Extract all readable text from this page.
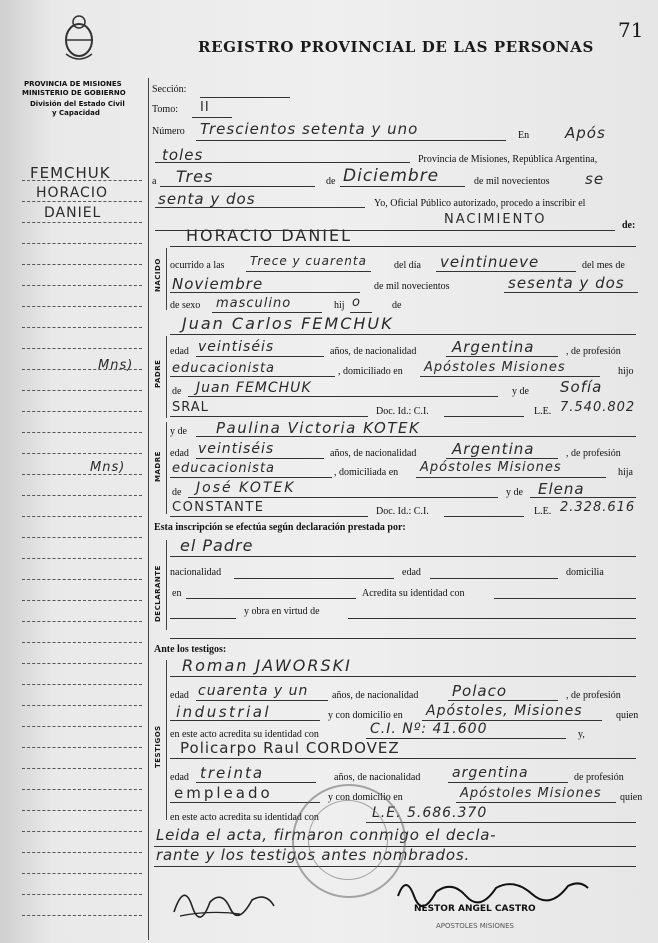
REGISTRO PROVINCIAL DE LAS PERSONAS
71
PROVINCIA DE MISIONES
MINISTERIO DE GOBIERNO
División del Estado Civil
y Capacidad
FEMCHUK
HORACIO
DANIEL
Mns)
Mns)
Sección:
Tomo: II
Número Trescientos setenta y uno	En Após
toles	Provincia de Misiones, República Argentina,
a Tres	de Diciembre	de mil novecientos se
senta y dos	Yo, Oficial Público autorizado, procedo a inscribir el
NACIMIENTO	de:
NACIDO
HORACIO DANIEL
ocurrido a las Trece y cuarenta	del día veintinueve	del mes de
Noviembre	de mil novecientos	sesenta y dos
de sexo masculino	hij o	de
PADRE
Juan Carlos FEMCHUK
edad veintiséis	años, de nacionalidad Argentina	, de profesión
educacionista	, domiciliado en Apóstoles Misiones	hijo
de Juan FEMCHUK	y de Sofía
SRAL	Doc. Id.: C.I.	L.E. 7.540.802
MADRE
y de Paulina Victoria KOTEK
edad veintiséis	años, de nacionalidad Argentina	, de profesión
educacionista	, domiciliada en Apóstoles Misiones	hija
de José KOTEK	y de Elena
CONSTANTE	Doc. Id.: C.I.	L.E. 2.328.616
Esta inscripción se efectúa según declaración prestada por:
DECLARANTE
el Padre
nacionalidad	edad	domicilia
en	Acredita su identidad con
y obra en virtud de
Ante los testigos:
TESTIGOS
Roman JAWORSKI
edad cuarenta y un años, de nacionalidad Polaco	, de profesión
industrial	y con domicilio en Apóstoles, Misiones	quien
en este acto acredita su identidad con	C.I. Nº: 41.600	y,
Policarpo Raul CORDOVEZ
edad treinta	años, de nacionalidad argentina	de profesión
empleado	y con domicilio en	Apóstoles Misiones quien
en este acto acredita su identidad con	L.E. 5.686.370
Leida el acta, firmaron conmigo el decla-
rante y los testigos antes nombrados.
NESTOR ANGEL CASTRO
APOSTOLES MISIONES
